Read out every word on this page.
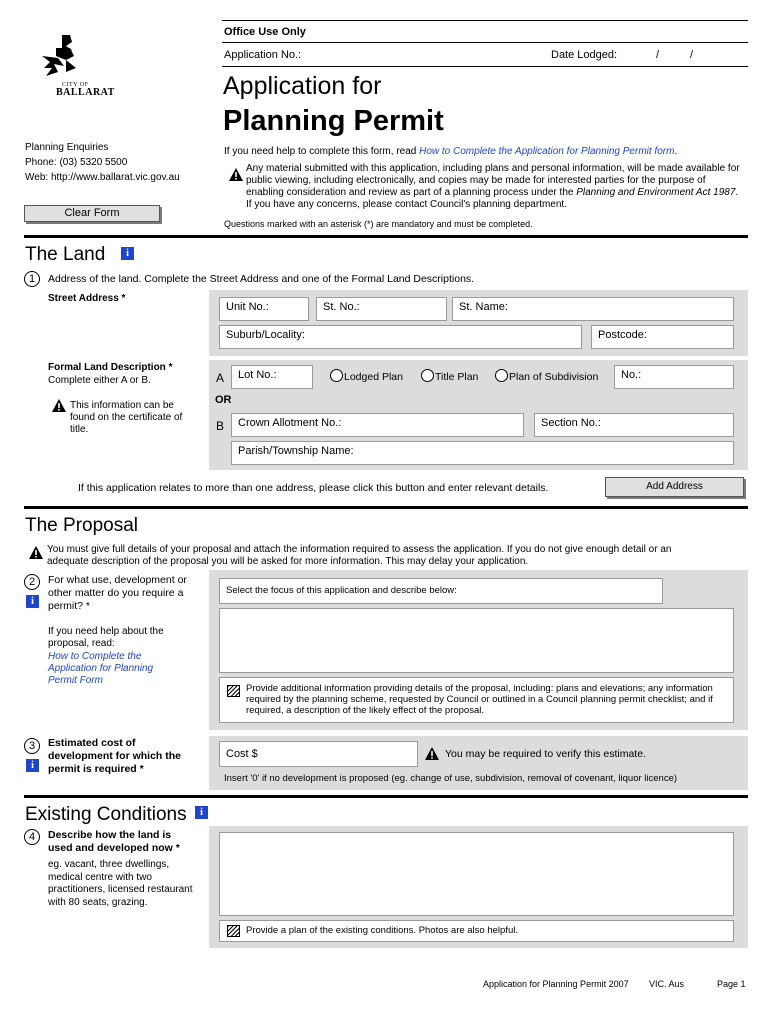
Office Use Only
Application No.:	Date Lodged:	/	/
CITY OF
BALLARAT	Application for
Planning Permit
Planning Enquiries
Phone: (03) 5320 5500
Web: http://www.ballarat.vic.gov.au
Clear Form
If you need help to complete this form, read How to Complete the Application for Planning Permit form.
Any material submitted with this application, including plans and personal information, will be made available for public viewing, including electronically, and copies may be made for interested parties for the purpose of enabling consideration and review as part of a planning process under the Planning and Environment Act 1987. If you have any concerns, please contact Council's planning department.
Questions marked with an asterisk (*) are mandatory and must be completed.
The Land	i
1	Address of the land. Complete the Street Address and one of the Formal Land Descriptions.
Street Address *
Unit No.:	St. No.:	St. Name:
Suburb/Locality:	Postcode:
Formal Land Description *
Complete either A or B.
This information can be found on the certificate of title.
A	Lot No.:	Lodged Plan	Title Plan	Plan of Subdivision	No.:
OR
B	Crown Allotment No.:	Section No.:
Parish/Township Name:
If this application relates to more than one address, please click this button and enter relevant details.	Add Address
The Proposal
You must give full details of your proposal and attach the information required to assess the application. If you do not give enough detail or an adequate description of the proposal you will be asked for more information. This may delay your application.
2
i
For what use, development or other matter do you require a permit? *
If you need help about the proposal, read:
How to Complete the Application for Planning Permit Form
Select the focus of this application and describe below:
Provide additional information providing details of the proposal, including: plans and elevations; any information required by the planning scheme, requested by Council or outlined in a Council planning permit checklist; and if required, a description of the likely effect of the proposal.
3
i
Estimated cost of development for which the permit is required *
Cost $	You may be required to verify this estimate.
Insert '0' if no development is proposed (eg. change of use, subdivision, removal of covenant, liquor licence)
Existing Conditions	i
4	Describe how the land is used and developed now *
eg. vacant, three dwellings, medical centre with two practitioners, licensed restaurant with 80 seats, grazing.
Provide a plan of the existing conditions. Photos are also helpful.
Application for Planning Permit 2007 VIC. Aus	Page 1
